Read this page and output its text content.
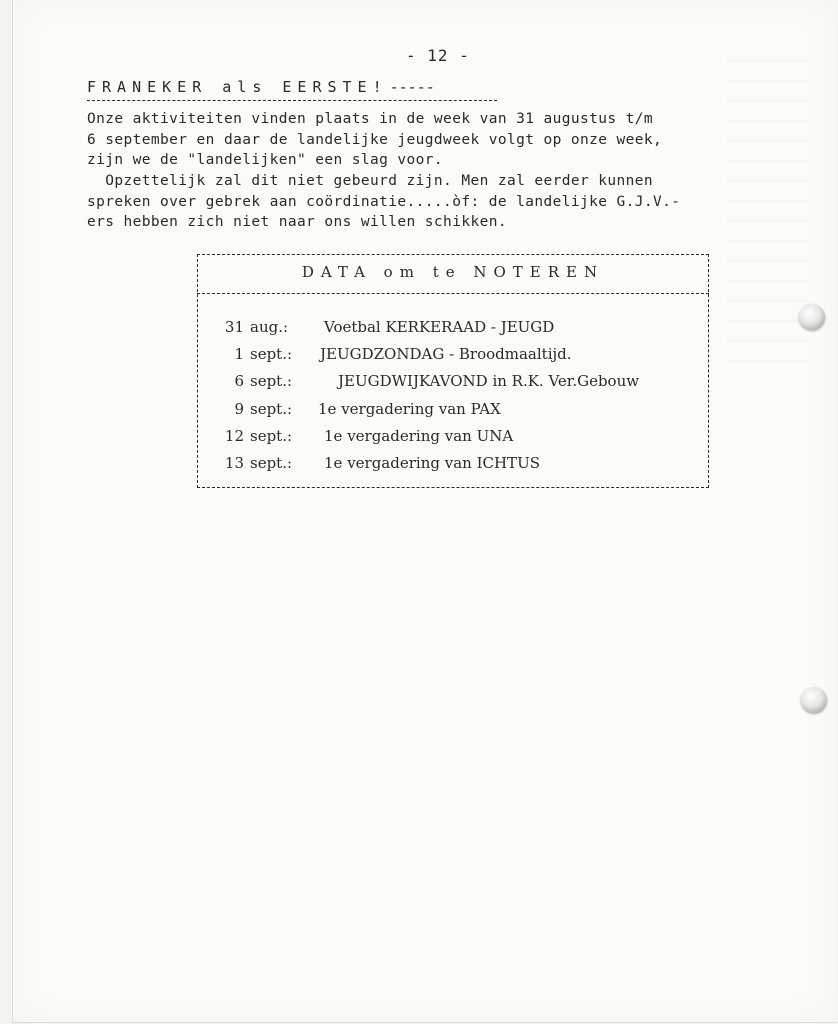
- 12 -
FRANEKER als EERSTE! -----
Onze aktiviteiten vinden plaats in de week van 31 augustus t/m
6 september en daar de landelijke jeugdweek volgt op onze week,
zijn we de "landelijken" een slag voor.
Opzettelijk zal dit niet gebeurd zijn. Men zal eerder kunnen
spreken over gebrek aan coördinatie.....òf: de landelijke G.J.V.-
ers hebben zich niet naar ons willen schikken.
DATA om te NOTEREN
31 aug.:	Voetbal KERKERAAD - JEUGD
1 sept.:	JEUGDZONDAG - Broodmaaltijd.
6 sept.:	JEUGDWIJKAVOND in R.K. Ver.Gebouw
9 sept.:	1e vergadering van PAX
12 sept.:	1e vergadering van UNA
13 sept.:	1e vergadering van ICHTUS
